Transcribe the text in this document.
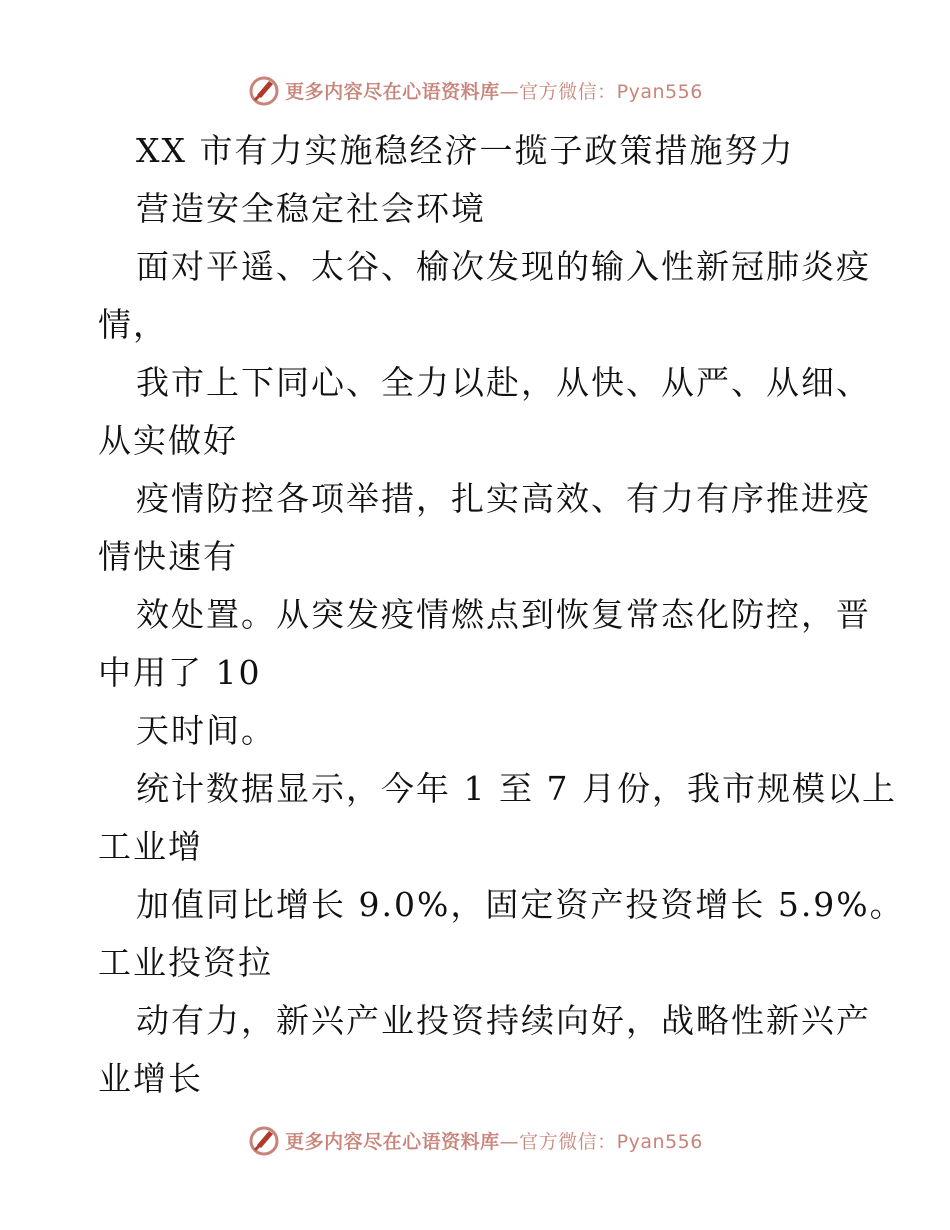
更多内容尽在心语资料库—官方微信：Pyan556
XX 市有力实施稳经济一揽子政策措施努力
营造安全稳定社会环境
面对平遥、太谷、榆次发现的输入性新冠肺炎疫
情，
我市上下同心、全力以赴，从快、从严、从细、
从实做好
疫情防控各项举措，扎实高效、有力有序推进疫
情快速有
效处置。从突发疫情燃点到恢复常态化防控，晋
中用了 10
天时间。
统计数据显示，今年 1 至 7 月份，我市规模以上
工业增
加值同比增长 9.0%，固定资产投资增长 5.9%。
工业投资拉
动有力，新兴产业投资持续向好，战略性新兴产
业增长
更多内容尽在心语资料库—官方微信：Pyan556
